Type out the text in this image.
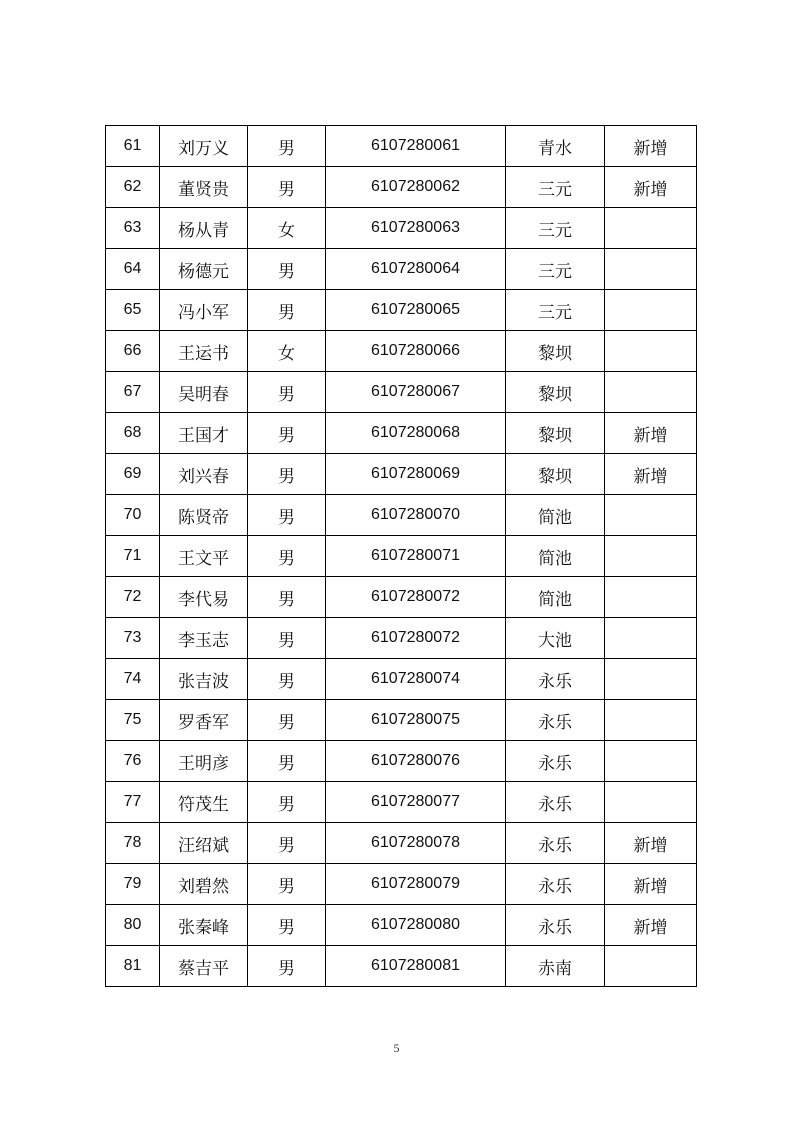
61	刘万义	男	6107280061	青水	新增
62	董贤贵	男	6107280062	三元	新增
63	杨从青	女	6107280063	三元	
64	杨德元	男	6107280064	三元	
65	冯小军	男	6107280065	三元	
66	王运书	女	6107280066	黎坝	
67	吴明春	男	6107280067	黎坝	
68	王国才	男	6107280068	黎坝	新增
69	刘兴春	男	6107280069	黎坝	新增
70	陈贤帝	男	6107280070	简池	
71	王文平	男	6107280071	简池	
72	李代易	男	6107280072	简池	
73	李玉志	男	6107280072	大池	
74	张吉波	男	6107280074	永乐	
75	罗香军	男	6107280075	永乐	
76	王明彦	男	6107280076	永乐	
77	符茂生	男	6107280077	永乐	
78	汪绍斌	男	6107280078	永乐	新增
79	刘碧然	男	6107280079	永乐	新增
80	张秦峰	男	6107280080	永乐	新增
81	蔡吉平	男	6107280081	赤南	
5
